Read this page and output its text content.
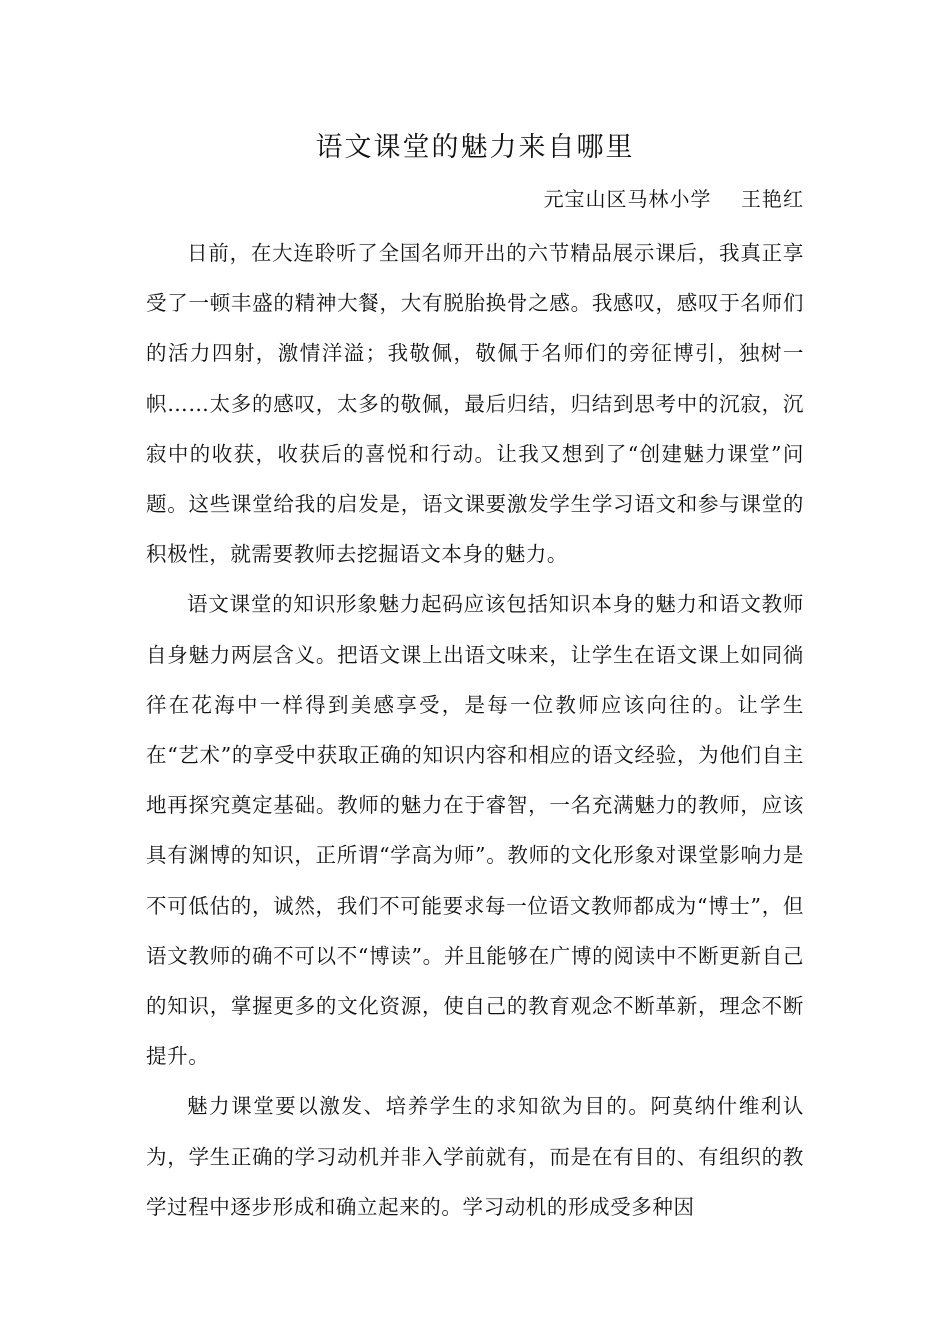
语文课堂的魅力来自哪里
元宝山区马林小学    王艳红

日前，在大连聆听了全国名师开出的六节精品展示课后，我真正享受了一顿丰盛的精神大餐，大有脱胎换骨之感。我感叹，感叹于名师们的活力四射，激情洋溢；我敬佩，敬佩于名师们的旁征博引，独树一帜……太多的感叹，太多的敬佩，最后归结，归结到思考中的沉寂，沉寂中的收获，收获后的喜悦和行动。让我又想到了“创建魅力课堂”问题。这些课堂给我的启发是，语文课要激发学生学习语文和参与课堂的积极性，就需要教师去挖掘语文本身的魅力。

语文课堂的知识形象魅力起码应该包括知识本身的魅力和语文教师自身魅力两层含义。把语文课上出语文味来，让学生在语文课上如同徜徉在花海中一样得到美感享受，是每一位教师应该向往的。让学生在“艺术”的享受中获取正确的知识内容和相应的语文经验，为他们自主地再探究奠定基础。教师的魅力在于睿智，一名充满魅力的教师，应该具有渊博的知识，正所谓“学高为师”。教师的文化形象对课堂影响力是不可低估的，诚然，我们不可能要求每一位语文教师都成为“博士”，但语文教师的确不可以不“博读”。并且能够在广博的阅读中不断更新自己的知识，掌握更多的文化资源，使自己的教育观念不断革新，理念不断提升。

魅力课堂要以激发、培养学生的求知欲为目的。阿莫纳什维利认为，学生正确的学习动机并非入学前就有，而是在有目的、有组织的教学过程中逐步形成和确立起来的。学习动机的形成受多种因
